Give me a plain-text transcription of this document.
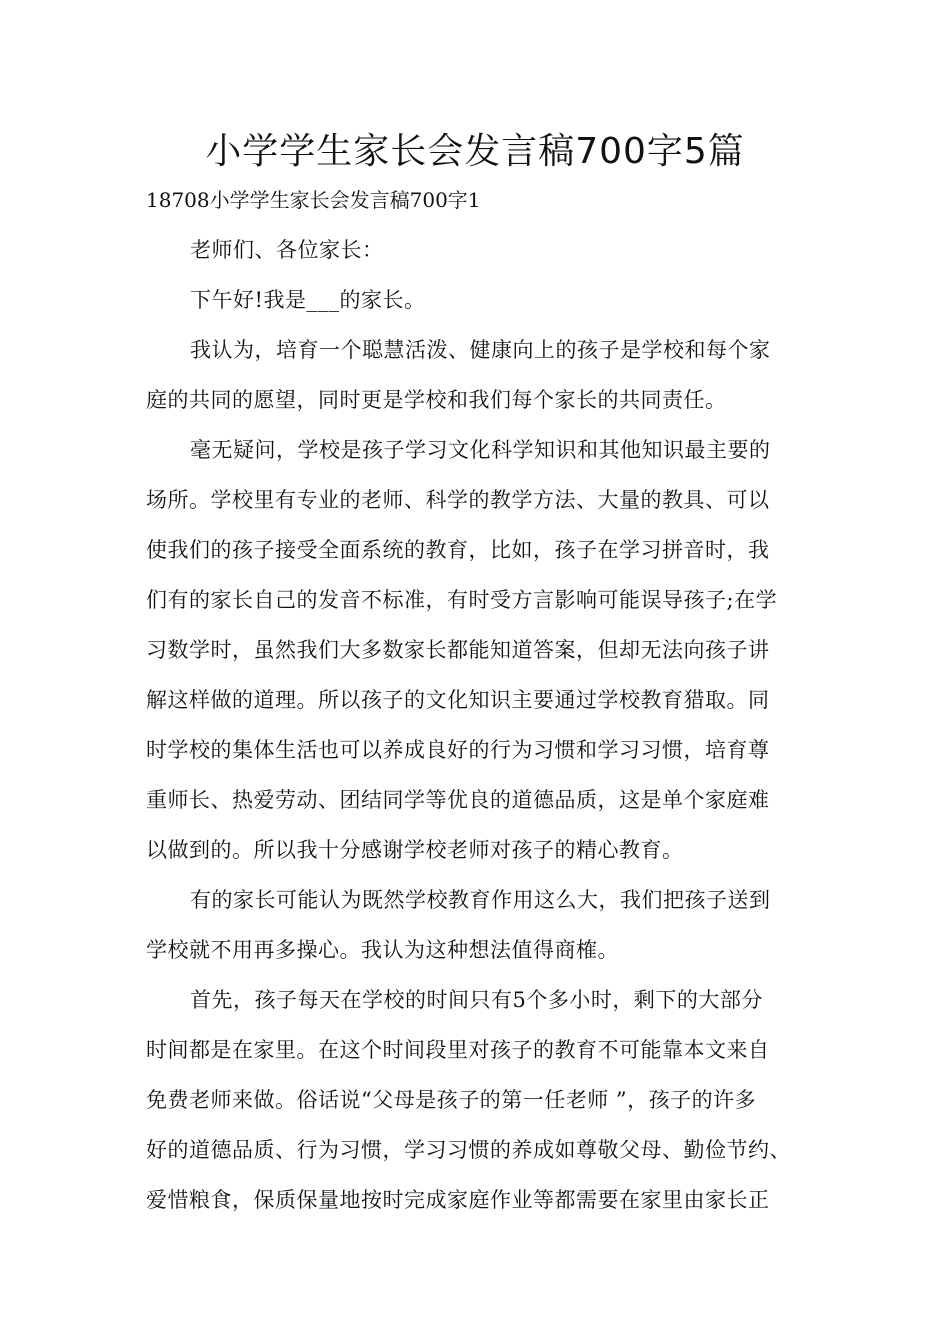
小学学生家长会发言稿700字5篇

18708小学学生家长会发言稿700字1

老师们、各位家长：

下午好!我是___的家长。

我认为，培育一个聪慧活泼、健康向上的孩子是学校和每个家

庭的共同的愿望，同时更是学校和我们每个家长的共同责任。

毫无疑问，学校是孩子学习文化科学知识和其他知识最主要的

场所。学校里有专业的老师、科学的教学方法、大量的教具、可以

使我们的孩子接受全面系统的教育，比如，孩子在学习拼音时，我

们有的家长自己的发音不标准，有时受方言影响可能误导孩子;在学

习数学时，虽然我们大多数家长都能知道答案，但却无法向孩子讲

解这样做的道理。所以孩子的文化知识主要通过学校教育猎取。同

时学校的集体生活也可以养成良好的行为习惯和学习习惯，培育尊

重师长、热爱劳动、团结同学等优良的道德品质，这是单个家庭难

以做到的。所以我十分感谢学校老师对孩子的精心教育。

有的家长可能认为既然学校教育作用这么大，我们把孩子送到

学校就不用再多操心。我认为这种想法值得商榷。

首先，孩子每天在学校的时间只有5个多小时，剩下的大部分

时间都是在家里。在这个时间段里对孩子的教育不可能靠本文来自

免费老师来做。俗话说“父母是孩子的第一任老师 ”，孩子的许多

好的道德品质、行为习惯，学习习惯的养成如尊敬父母、勤俭节约、

爱惜粮食，保质保量地按时完成家庭作业等都需要在家里由家长正
